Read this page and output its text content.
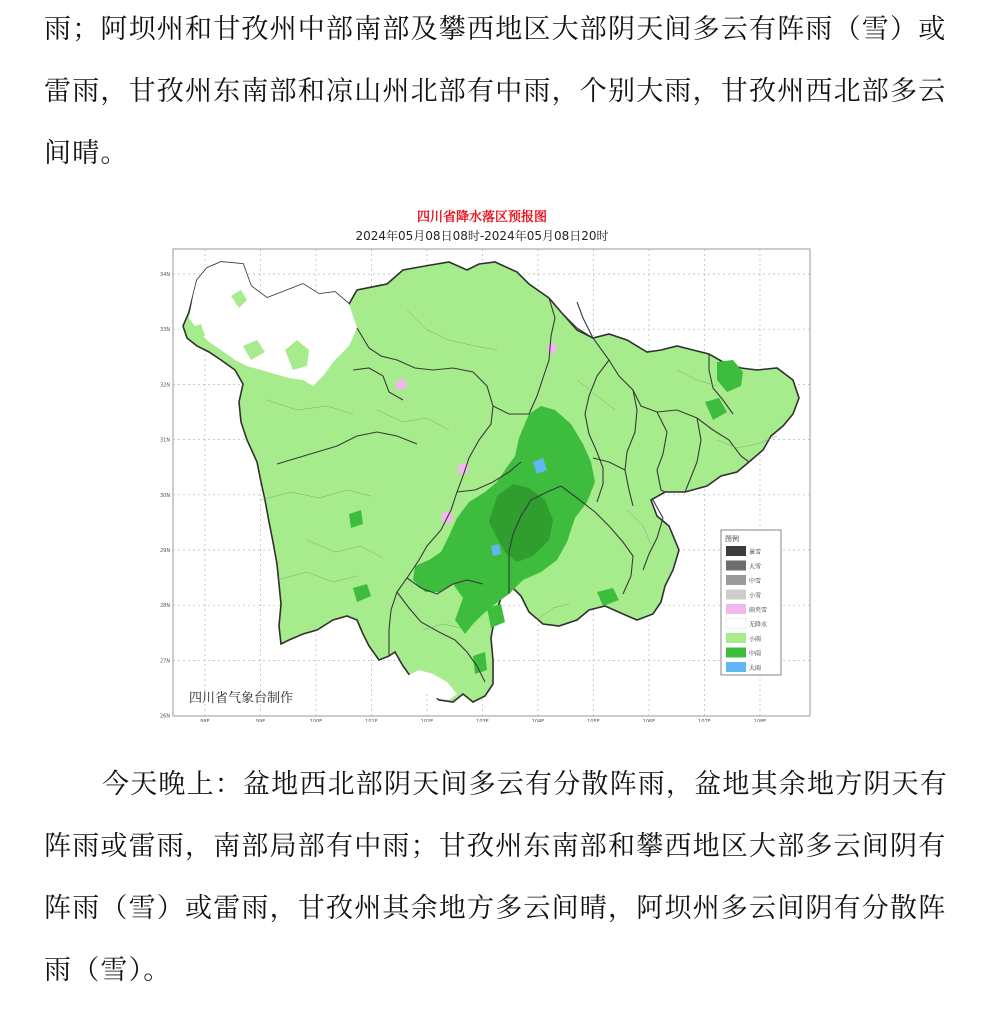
雨；阿坝州和甘孜州中部南部及攀西地区大部阴天间多云有阵雨（雪）或雷雨，甘孜州东南部和凉山州北部有中雨，个别大雨，甘孜州西北部多云间晴。
四川省降水落区预报图
2024年05月08日08时-2024年05月08日20时
34N
33N
32N
31N
30N
29N
28N
27N
26N
98E	99E	100E	101E	102E	103E	104E	105E	106E	107E	108E
四川省气象台制作
图例
暴雪
大雪
中雪
小雪
雨夹雪
无降水
小雨
中雨
大雨
今天晚上：盆地西北部阴天间多云有分散阵雨，盆地其余地方阴天有阵雨或雷雨，南部局部有中雨；甘孜州东南部和攀西地区大部多云间阴有阵雨（雪）或雷雨，甘孜州其余地方多云间晴，阿坝州多云间阴有分散阵雨（雪）。
